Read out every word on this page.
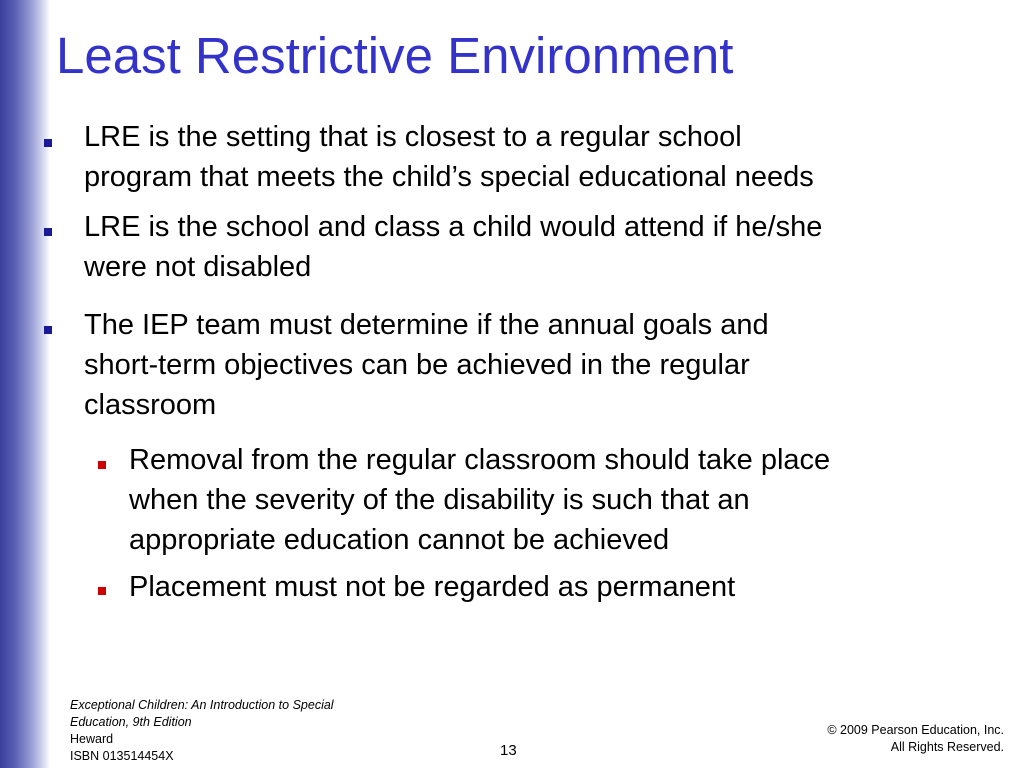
Least Restrictive Environment
LRE is the setting that is closest to a regular school
program that meets the child’s special educational needs
LRE is the school and class a child would attend if he/she
were not disabled
The IEP team must determine if the annual goals and
short-term objectives can be achieved in the regular
classroom
Removal from the regular classroom should take place
when the severity of the disability is such that an
appropriate education cannot be achieved
Placement must not be regarded as permanent
Exceptional Children: An Introduction to Special
Education, 9th Edition
Heward
ISBN 013514454X	13
© 2009 Pearson Education, Inc.
All Rights Reserved.
